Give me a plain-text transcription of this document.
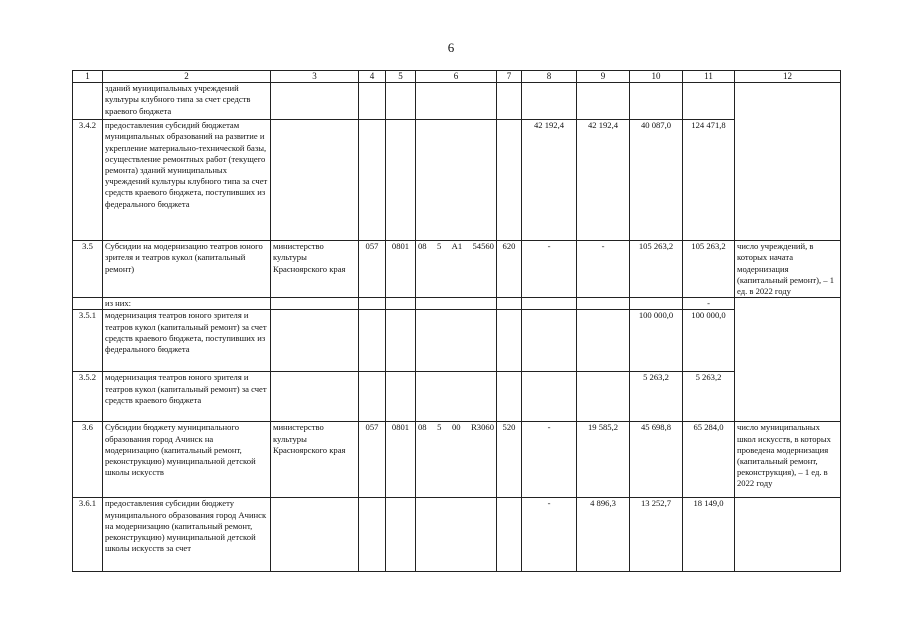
6
1	2	3	4	5	6	7	8	9	10	11	12
	зданий муниципальных учреждений культуры клубного типа за счет средств краевого бюджета										
3.4.2	предоставления субсидий бюджетам муниципальных образований на развитие и укрепление материально-технической базы, осуществление ремонтных работ (текущего ремонта) зданий муниципальных учреждений культуры клубного типа за счет средств краевого бюджета, поступивших из федерального бюджета						42 192,4	42 192,4	40 087,0	124 471,8	
3.5	Субсидии на модернизацию театров юного зрителя и театров кукол (капитальный ремонт)	министерство культуры Красноярского края	057	0801	08 5 A1 54560	620	-	-	105 263,2	105 263,2	число учреждений, в которых начата модернизация (капитальный ремонт), – 1 ед. в 2022 году
	из них:									-	
3.5.1	модернизация театров юного зрителя и театров кукол (капитальный ремонт) за счет средств краевого бюджета, поступивших из федерального бюджета								100 000,0	100 000,0	
3.5.2	модернизация театров юного зрителя и театров кукол (капитальный ремонт) за счет средств краевого бюджета								5 263,2	5 263,2	
3.6	Субсидии бюджету муниципального образования город Ачинск на модернизацию (капитальный ремонт, реконструкцию) муниципальной детской школы искусств	министерство культуры Красноярского края	057	0801	08 5 00 R3060	520	-	19 585,2	45 698,8	65 284,0	число муниципальных школ искусств, в которых проведена модернизация (капитальный ремонт, реконструкция), – 1 ед. в 2022 году
3.6.1	предоставления субсидии бюджету муниципального образования город Ачинск на модернизацию (капитальный ремонт, реконструкцию) муниципальной детской школы искусств за счет						-	4 896,3	13 252,7	18 149,0	
